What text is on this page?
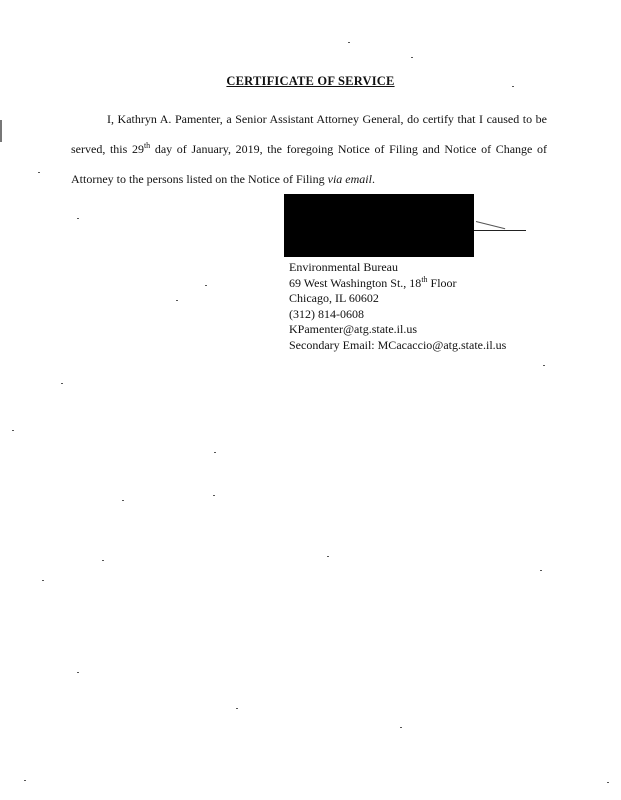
CERTIFICATE OF SERVICE

I, Kathryn A. Pamenter, a Senior Assistant Attorney General, do certify that I caused to be served, this 29th day of January, 2019, the foregoing Notice of Filing and Notice of Change of Attorney to the persons listed on the Notice of Filing via email.

Environmental Bureau
69 West Washington St., 18th Floor
Chicago, IL 60602
(312) 814-0608
KPamenter@atg.state.il.us
Secondary Email: MCacaccio@atg.state.il.us
